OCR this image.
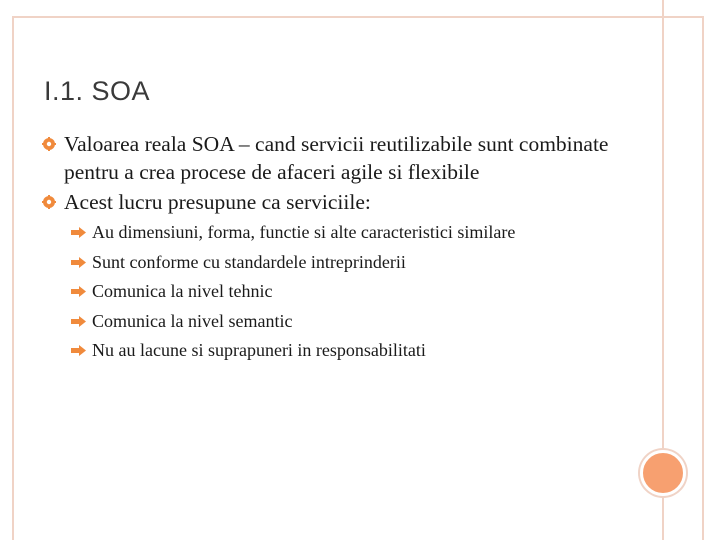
I.1. SOA
Valoarea reala SOA – cand servicii reutilizabile sunt combinate pentru a crea procese de afaceri agile si flexibile
Acest lucru presupune ca serviciile:
Au dimensiuni, forma, functie si alte caracteristici similare
Sunt conforme cu standardele intreprinderii
Comunica la nivel tehnic
Comunica la nivel semantic
Nu au lacune si suprapuneri in responsabilitati
